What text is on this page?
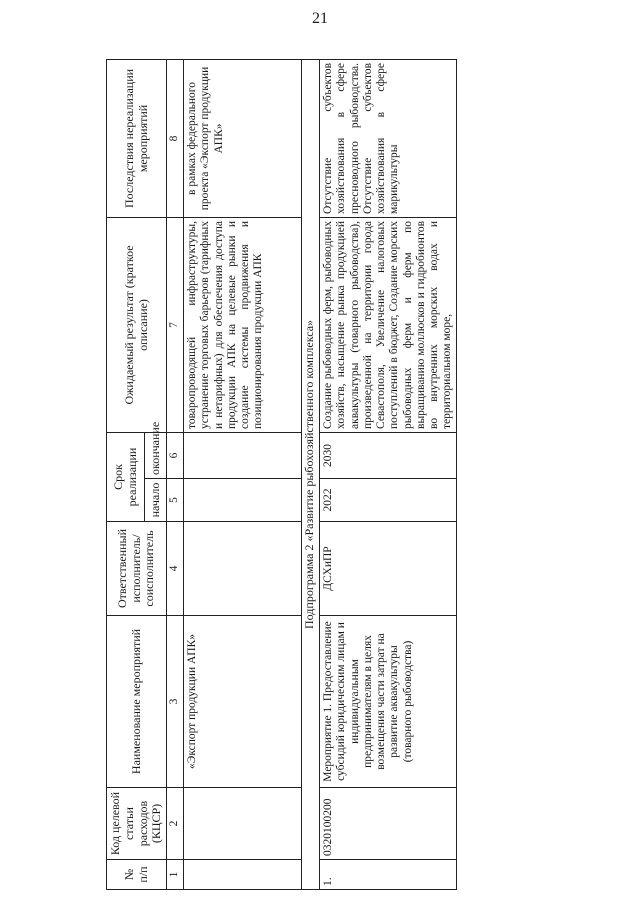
21
№ п/п	Код целевой статьи расходов (КЦСР)	Наименование мероприятий	Ответственный исполнитель/ соисполнитель	Срок реализации		Ожидаемый результат (краткое описание)	Последствия нереализации мероприятий
				начало	окончание		
1	2	3	4	5	6	7	8
		«Экспорт продукции АПК»				товаропроводящей инфраструктуры, устранение торговых барьеров (тарифных и нетарифных) для обеспечения доступа продукции АПК на целевые рынки и создание системы продвижения и позиционирования продукции АПК	в рамках федерального проекта «Экспорт продукции АПК»
Подпрограмма 2 «Развитие рыбохозяйственного комплекса»							
1.	0320100200	Мероприятие 1. Предоставление субсидий юридическим лицам и индивидуальным предпринимателям в целях возмещения части затрат на развитие аквакультуры (товарного рыбоводства)	ДСХиПР	2022	2030	Создание рыбоводных ферм, рыбоводных хозяйств, насыщение рынка продукцией аквакультуры (товарного рыбоводства), произведенной на территории города Севастополя, Увеличение налоговых поступлений в бюджет, Создание морских рыбоводных ферм и ферм по выращиванию моллюсков и гидробионтов во внутренних морских водах и территориальном море,	Отсутствие субъектов хозяйствования в сфере пресноводного рыбоводства. Отсутствие субъектов хозяйствования в сфере марикультуры
